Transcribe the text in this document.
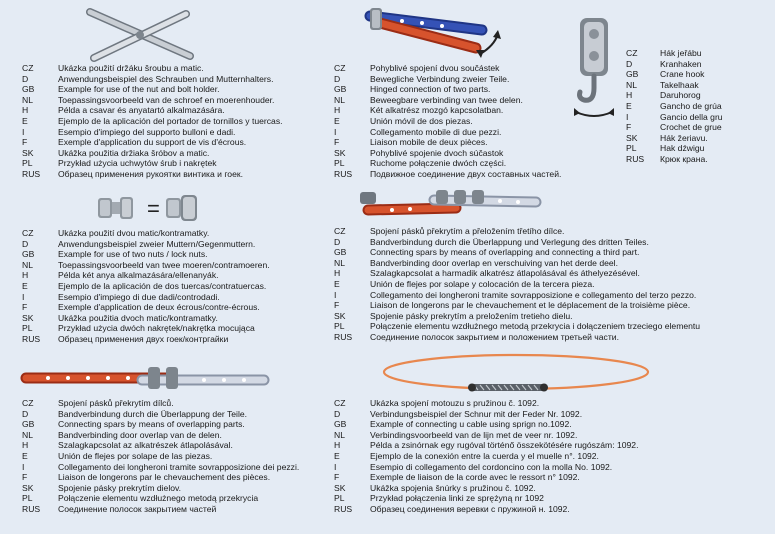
=
CZ	Ukázka použití držáku šroubu a matic.
D	Anwendungsbeispiel des Schrauben und Mutternhalters.
GB	Example for use of the nut and bolt holder.
NL	Toepassingsvoorbeeld van de schroef en moerenhouder.
H	Példa a csavar és anyatartó alkalmazására.
E	Ejemplo de la aplicación del portador de tornillos y tuercas.
I	Esempio d'impiego del supporto bulloni e dadi.
F	Exemple d'application du support de vis d'écrous.
SK	Ukážka použitia držiaka šróbov a matic.
PL	Przykład użycia uchwytów śrub i nakrętek
RUS	Образец применения рукоятки винтика и гоек.
CZ	Pohyblivé spojení dvou součástek
D	Bewegliche Verbindung zweier Teile.
GB	Hinged connection of two parts.
NL	Beweegbare verbinding van twee delen.
H	Két alkatrész mozgó kapcsolatban.
E	Unión móvil de dos piezas.
I	Collegamento mobile di due pezzi.
F	Liaison mobile de deux pièces.
SK	Pohyblivé spojenie dvoch súčastok
PL	Ruchome połączenie dwóch części.
RUS	Подвижное соединение двух составных частей.
CZ	Hák jeřábu
D	Kranhaken
GB	Crane hook
NL	Takelhaak
H	Daruhorog
E	Gancho de grúa
I	Gancio della gru
F	Crochet de grue
SK	Hák žeriavu.
PL	Hak dźwigu
RUS	Крюк крана.
CZ	Ukázka použití dvou matic/kontramatky.
D	Anwendungsbeispiel zweier Muttern/Gegenmuttern.
GB	Example for use of two nuts / lock nuts.
NL	Toepassingsvoorbeeld van twee moeren/contramoeren.
H	Példa két anya alkalmazására/ellenanyák.
E	Ejemplo de la aplicación de dos tuercas/contratuercas.
I	Esempio d'impiego di due dadi/controdadi.
F	Exemple d'application de deux écrous/contre-écrous.
SK	Ukážka použitia dvoch matic/kontramatky.
PL	Przykład użycia dwóch nakrętek/nakrętka mocująca
RUS	Образец применения двух гоек/контргайки
CZ	Spojení pásků překrytím a přeložením třetího dílce.
D	Bandverbindung durch die Überlappung und Verlegung des dritten Teiles.
GB	Connecting spars by means of overlapping and connecting a third part.
NL	Bandverbinding door overlap en verschuiving van het derde deel.
H	Szalagkapcsolat a harmadik alkatrész átlapolásával és áthelyezésével.
E	Unión de flejes por solape y colocación de la tercera pieza.
I	Collegamento dei longheroni tramite sovrapposizione e collegamento del terzo pezzo.
F	Liaison de longerons par le chevauchement et le déplacement de la troisième pièce.
SK	Spojenie pásky prekrytím a preložením tretieho dielu.
PL	Połączenie elementu wzdłużnego metodą przekrycia i dołączeniem trzeciego elementu
RUS	Соединение полосок закрытием и положением третьей части.
CZ	Spojení pásků překrytím dílců.
D	Bandverbindung durch die Überlappung der Teile.
GB	Connecting spars by means of overlapping parts.
NL	Bandverbinding door overlap van de delen.
H	Szalagkapcsolat az alkatrészek átlapolásával.
E	Unión de flejes por solape de las piezas.
I	Collegamento dei longheroni tramite sovrapposizione dei pezzi.
F	Liaison de longerons par le chevauchement des pièces.
SK	Spojenie pásky prekrytím dielov.
PL	Połączenie elementu wzdłużnego metodą przekrycia
RUS	Соединение полосок закрытием частей
CZ	Ukázka spojení motouzu s pružinou č. 1092.
D	Verbindungsbeispiel der Schnur mit der Feder Nr. 1092.
GB	Example of connecting u cable using sprign no.1092.
NL	Verbindingsvoorbeeld van de lijn met de veer nr. 1092.
H	Példa a zsinórnak egy rugóval történő összekötésére rugószám: 1092.
E	Ejemplo de la conexión entre la cuerda y el muelle n°. 1092.
I	Esempio di collegamento del cordoncino con la molla No. 1092.
F	Exemple de liaison de la corde avec le ressort n° 1092.
SK	Ukážka spojenia šnúrky s pružinou č. 1092.
PL	Przykład połączenia linki ze sprężyną nr 1092
RUS	Образец соединения веревки с пружиной н. 1092.
